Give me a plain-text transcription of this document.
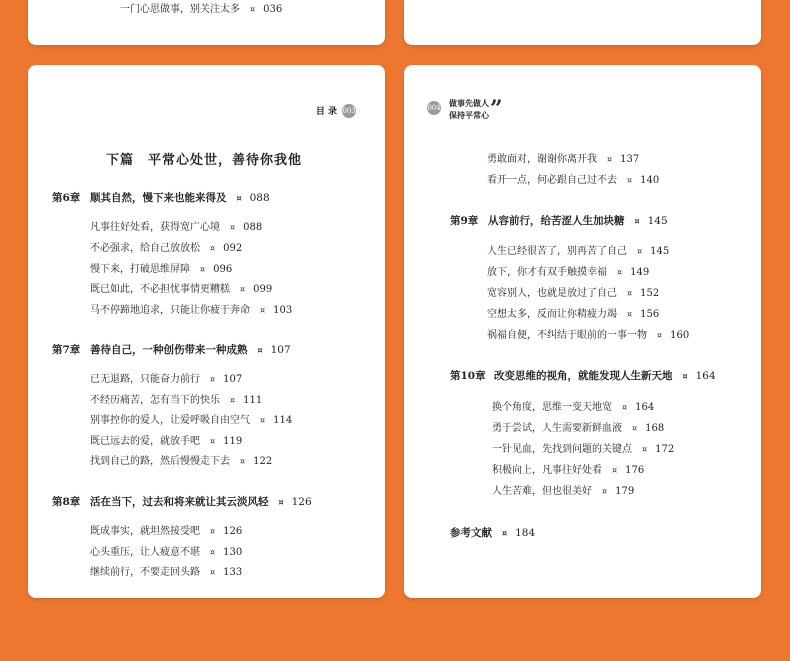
一门心思做事，别关注太多 ¤ 036
目 录 003
下篇　平常心处世，善待你我他
第6章 顺其自然，慢下来也能来得及 ¤ 088
凡事往好处看，获得宽广心境 ¤ 088
不必强求，给自己放放松 ¤ 092
慢下来，打破思维屏障 ¤ 096
既已如此，不必担忧事情更糟糕 ¤ 099
马不停蹄地追求，只能让你疲于奔命 ¤ 103
第7章 善待自己，一种创伤带来一种成熟 ¤ 107
已无退路，只能奋力前行 ¤ 107
不经历痛苦，怎有当下的快乐 ¤ 111
别事控你的爱人，让爱呼吸自由空气 ¤ 114
既已远去的爱，就放手吧 ¤ 119
找到自己的路，然后慢慢走下去 ¤ 122
第8章 活在当下，过去和将来就让其云淡风轻 ¤ 126
既成事实，就坦然接受吧 ¤ 126
心头重压，让人疲意不堪 ¤ 130
继续前行，不要走回头路 ¤ 133
004 做事先做人
保持平常心 ”
勇敢面对，谢谢你离开我 ¤ 137
看开一点，何必跟自己过不去 ¤ 140
第9章 从容前行，给苦涩人生加块糖 ¤ 145
人生已经很苦了，别再苦了自己 ¤ 145
放下，你才有双手触摸幸福 ¤ 149
宽容别人，也就是放过了自己 ¤ 152
空想太多，反而让你精疲力竭 ¤ 156
祸福自便，不纠结于眼前的一事一物 ¤ 160
第10章 改变思维的视角，就能发现人生新天地 ¤ 164
换个角度，思维一变天地宽 ¤ 164
勇于尝试，人生需要新鲜血液 ¤ 168
一针见血，先找到问题的关键点 ¤ 172
积极向上，凡事往好处看 ¤ 176
人生苦难，但也很美好 ¤ 179
参考文献 ¤ 184
